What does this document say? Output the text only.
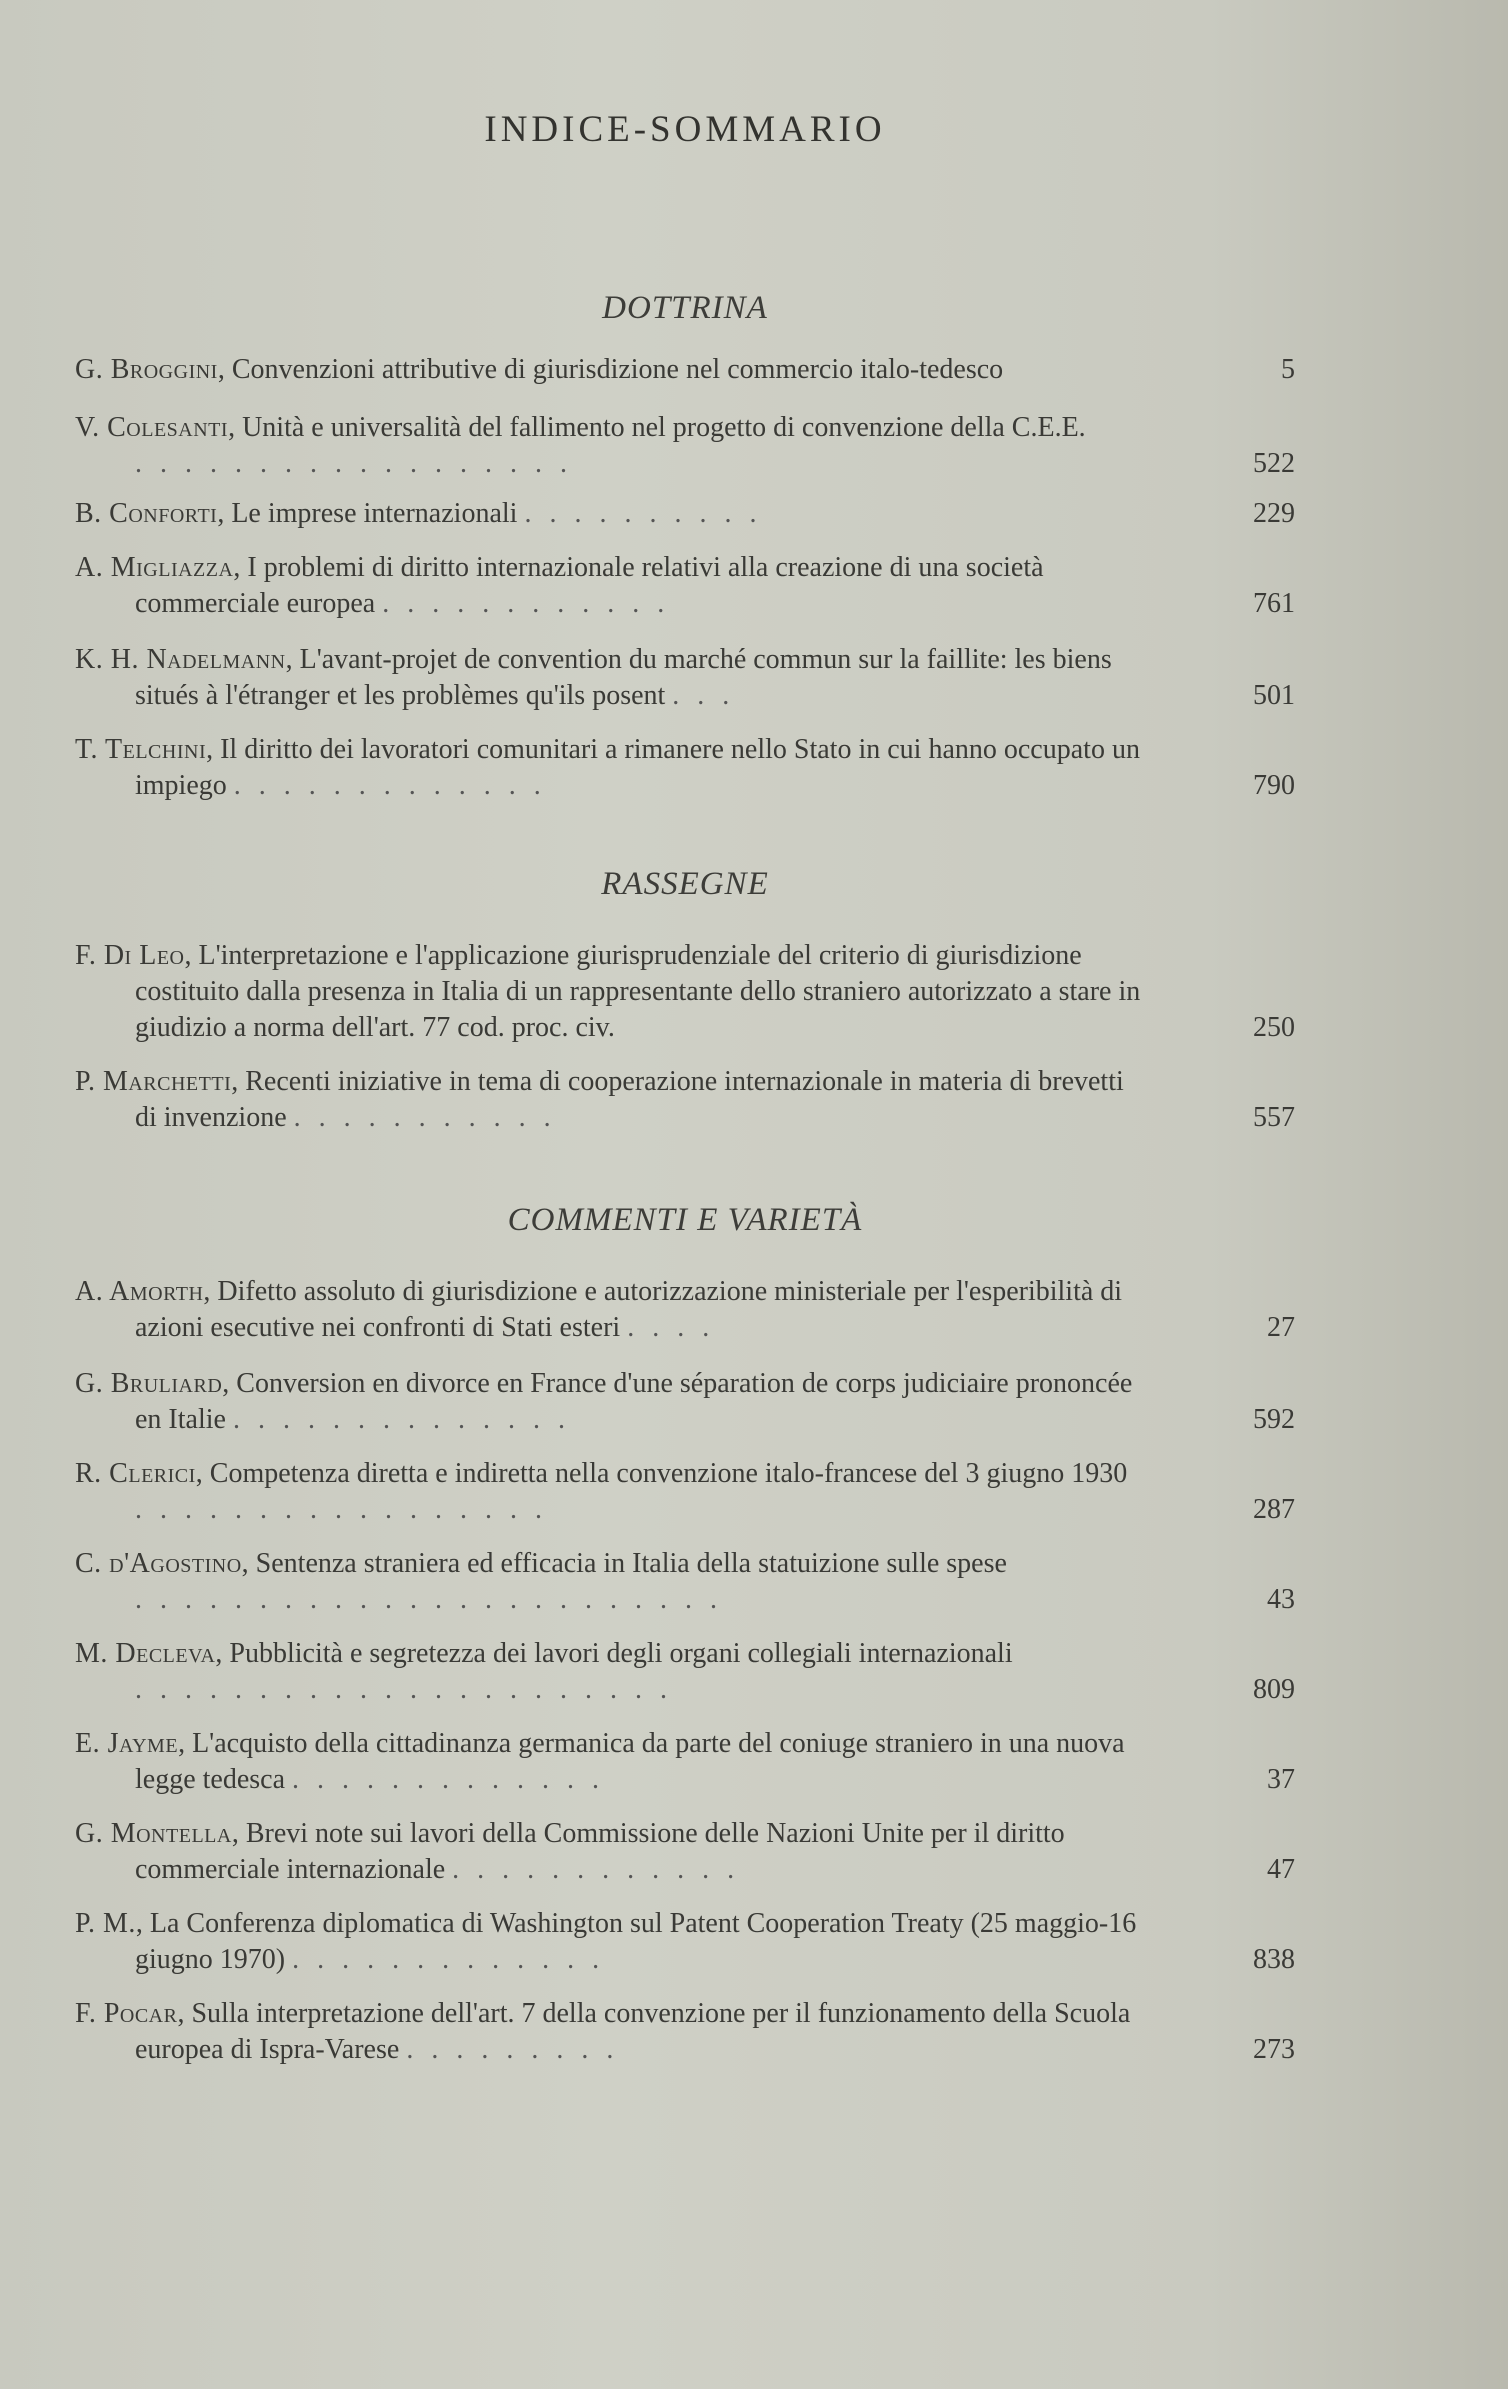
INDICE-SOMMARIO
DOTTRINA
G. Broggini, Convenzioni attributive di giurisdizione nel commercio italo-tedesco	5
V. Colesanti, Unità e universalità del fallimento nel progetto di convenzione della C.E.E. ..................	522
B. Conforti, Le imprese internazionali ..........	229
A. Migliazza, I problemi di diritto internazionale relativi alla creazione di una società commerciale europea ............	761
K. H. Nadelmann, L'avant-projet de convention du marché commun sur la faillite: les biens situés à l'étranger et les problèmes qu'ils posent ...	501
T. Telchini, Il diritto dei lavoratori comunitari a rimanere nello Stato in cui hanno occupato un impiego .............	790
RASSEGNE
F. Di Leo, L'interpretazione e l'applicazione giurisprudenziale del criterio di giurisdizione costituito dalla presenza in Italia di un rappresentante dello straniero autorizzato a stare in giudizio a norma dell'art. 77 cod. proc. civ.	250
P. Marchetti, Recenti iniziative in tema di cooperazione internazionale in materia di brevetti di invenzione ...........	557
COMMENTI E VARIETÀ
A. Amorth, Difetto assoluto di giurisdizione e autorizzazione ministeriale per l'esperibilità di azioni esecutive nei confronti di Stati esteri ....	27
G. Bruliard, Conversion en divorce en France d'une séparation de corps judiciaire prononcée en Italie ..............	592
R. Clerici, Competenza diretta e indiretta nella convenzione italo-francese del 3 giugno 1930 .................	287
C. d'Agostino, Sentenza straniera ed efficacia in Italia della statuizione sulle spese ........................	43
M. Decleva, Pubblicità e segretezza dei lavori degli organi collegiali internazionali ......................	809
E. Jayme, L'acquisto della cittadinanza germanica da parte del coniuge straniero in una nuova legge tedesca .............	37
G. Montella, Brevi note sui lavori della Commissione delle Nazioni Unite per il diritto commerciale internazionale ............	47
P. M., La Conferenza diplomatica di Washington sul Patent Cooperation Treaty (25 maggio-16 giugno 1970) .............	838
F. Pocar, Sulla interpretazione dell'art. 7 della convenzione per il funzionamento della Scuola europea di Ispra-Varese .........	273
